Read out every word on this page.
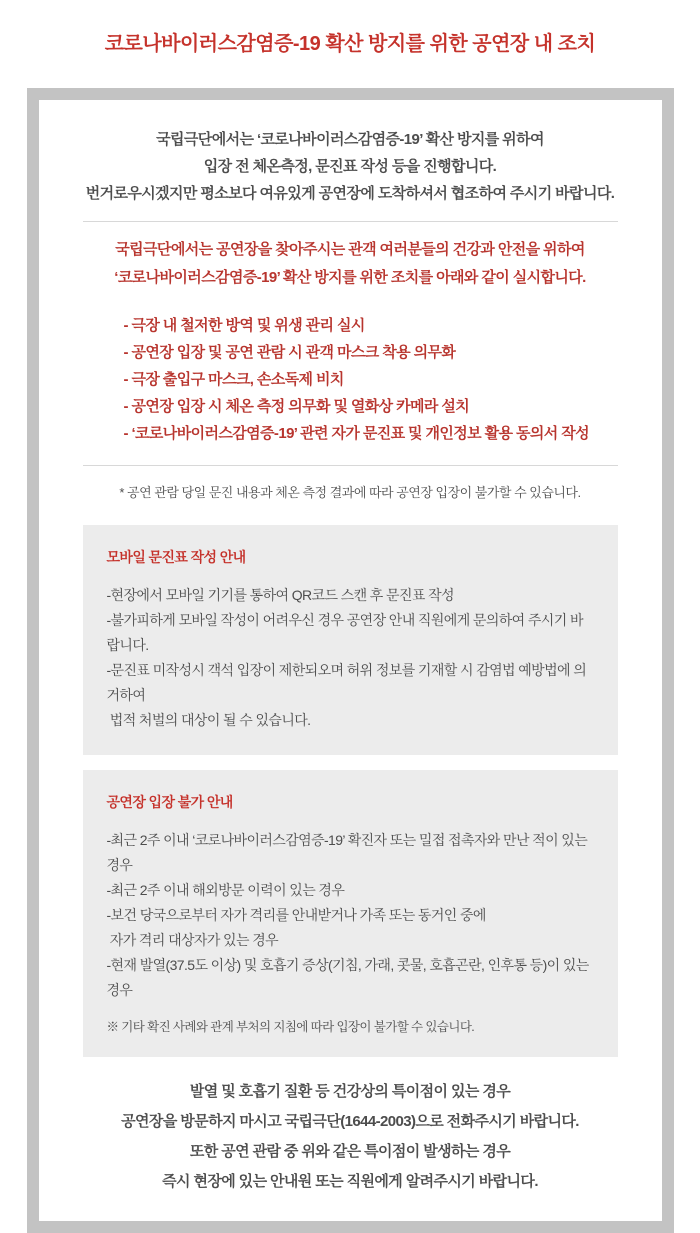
코로나바이러스감염증-19 확산 방지를 위한 공연장 내 조치
국립극단에서는 ‘코로나바이러스감염증-19’ 확산 방지를 위하여
입장 전 체온측정, 문진표 작성 등을 진행합니다.
번거로우시겠지만 평소보다 여유있게 공연장에 도착하셔서 협조하여 주시기 바랍니다.
국립극단에서는 공연장을 찾아주시는 관객 여러분들의 건강과 안전을 위하여
‘코로나바이러스감염증-19’ 확산 방지를 위한 조치를 아래와 같이 실시합니다.
- 극장 내 철저한 방역 및 위생 관리 실시
- 공연장 입장 및 공연 관람 시 관객 마스크 착용 의무화
- 극장 출입구 마스크, 손소독제 비치
- 공연장 입장 시 체온 측정 의무화 및 열화상 카메라 설치
- ‘코로나바이러스감염증-19’ 관련 자가 문진표 및 개인정보 활용 동의서 작성
* 공연 관람 당일 문진 내용과 체온 측정 결과에 따라 공연장 입장이 불가할 수 있습니다.
모바일 문진표 작성 안내
-현장에서 모바일 기기를 통하여 QR코드 스캔 후 문진표 작성
-불가피하게 모바일 작성이 어려우신 경우 공연장 안내 직원에게 문의하여 주시기 바랍니다.
-문진표 미작성시 객석 입장이 제한되오며 허위 정보를 기재할 시 감염법 예방법에 의거하여
법적 처벌의 대상이 될 수 있습니다.
공연장 입장 불가 안내
-최근 2주 이내 ‘코로나바이러스감염증-19’ 확진자 또는 밀접 접촉자와 만난 적이 있는 경우
-최근 2주 이내 해외방문 이력이 있는 경우
-보건 당국으로부터 자가 격리를 안내받거나 가족 또는 동거인 중에
자가 격리 대상자가 있는 경우
-현재 발열(37.5도 이상) 및 호흡기 증상(기침, 가래, 콧물, 호흡곤란, 인후통 등)이 있는 경우
※ 기타 확진 사례와 관계 부처의 지침에 따라 입장이 불가할 수 있습니다.
발열 및 호흡기 질환 등 건강상의 특이점이 있는 경우
공연장을 방문하지 마시고 국립극단(1644-2003)으로 전화주시기 바랍니다.
또한 공연 관람 중 위와 같은 특이점이 발생하는 경우
즉시 현장에 있는 안내원 또는 직원에게 알려주시기 바랍니다.
